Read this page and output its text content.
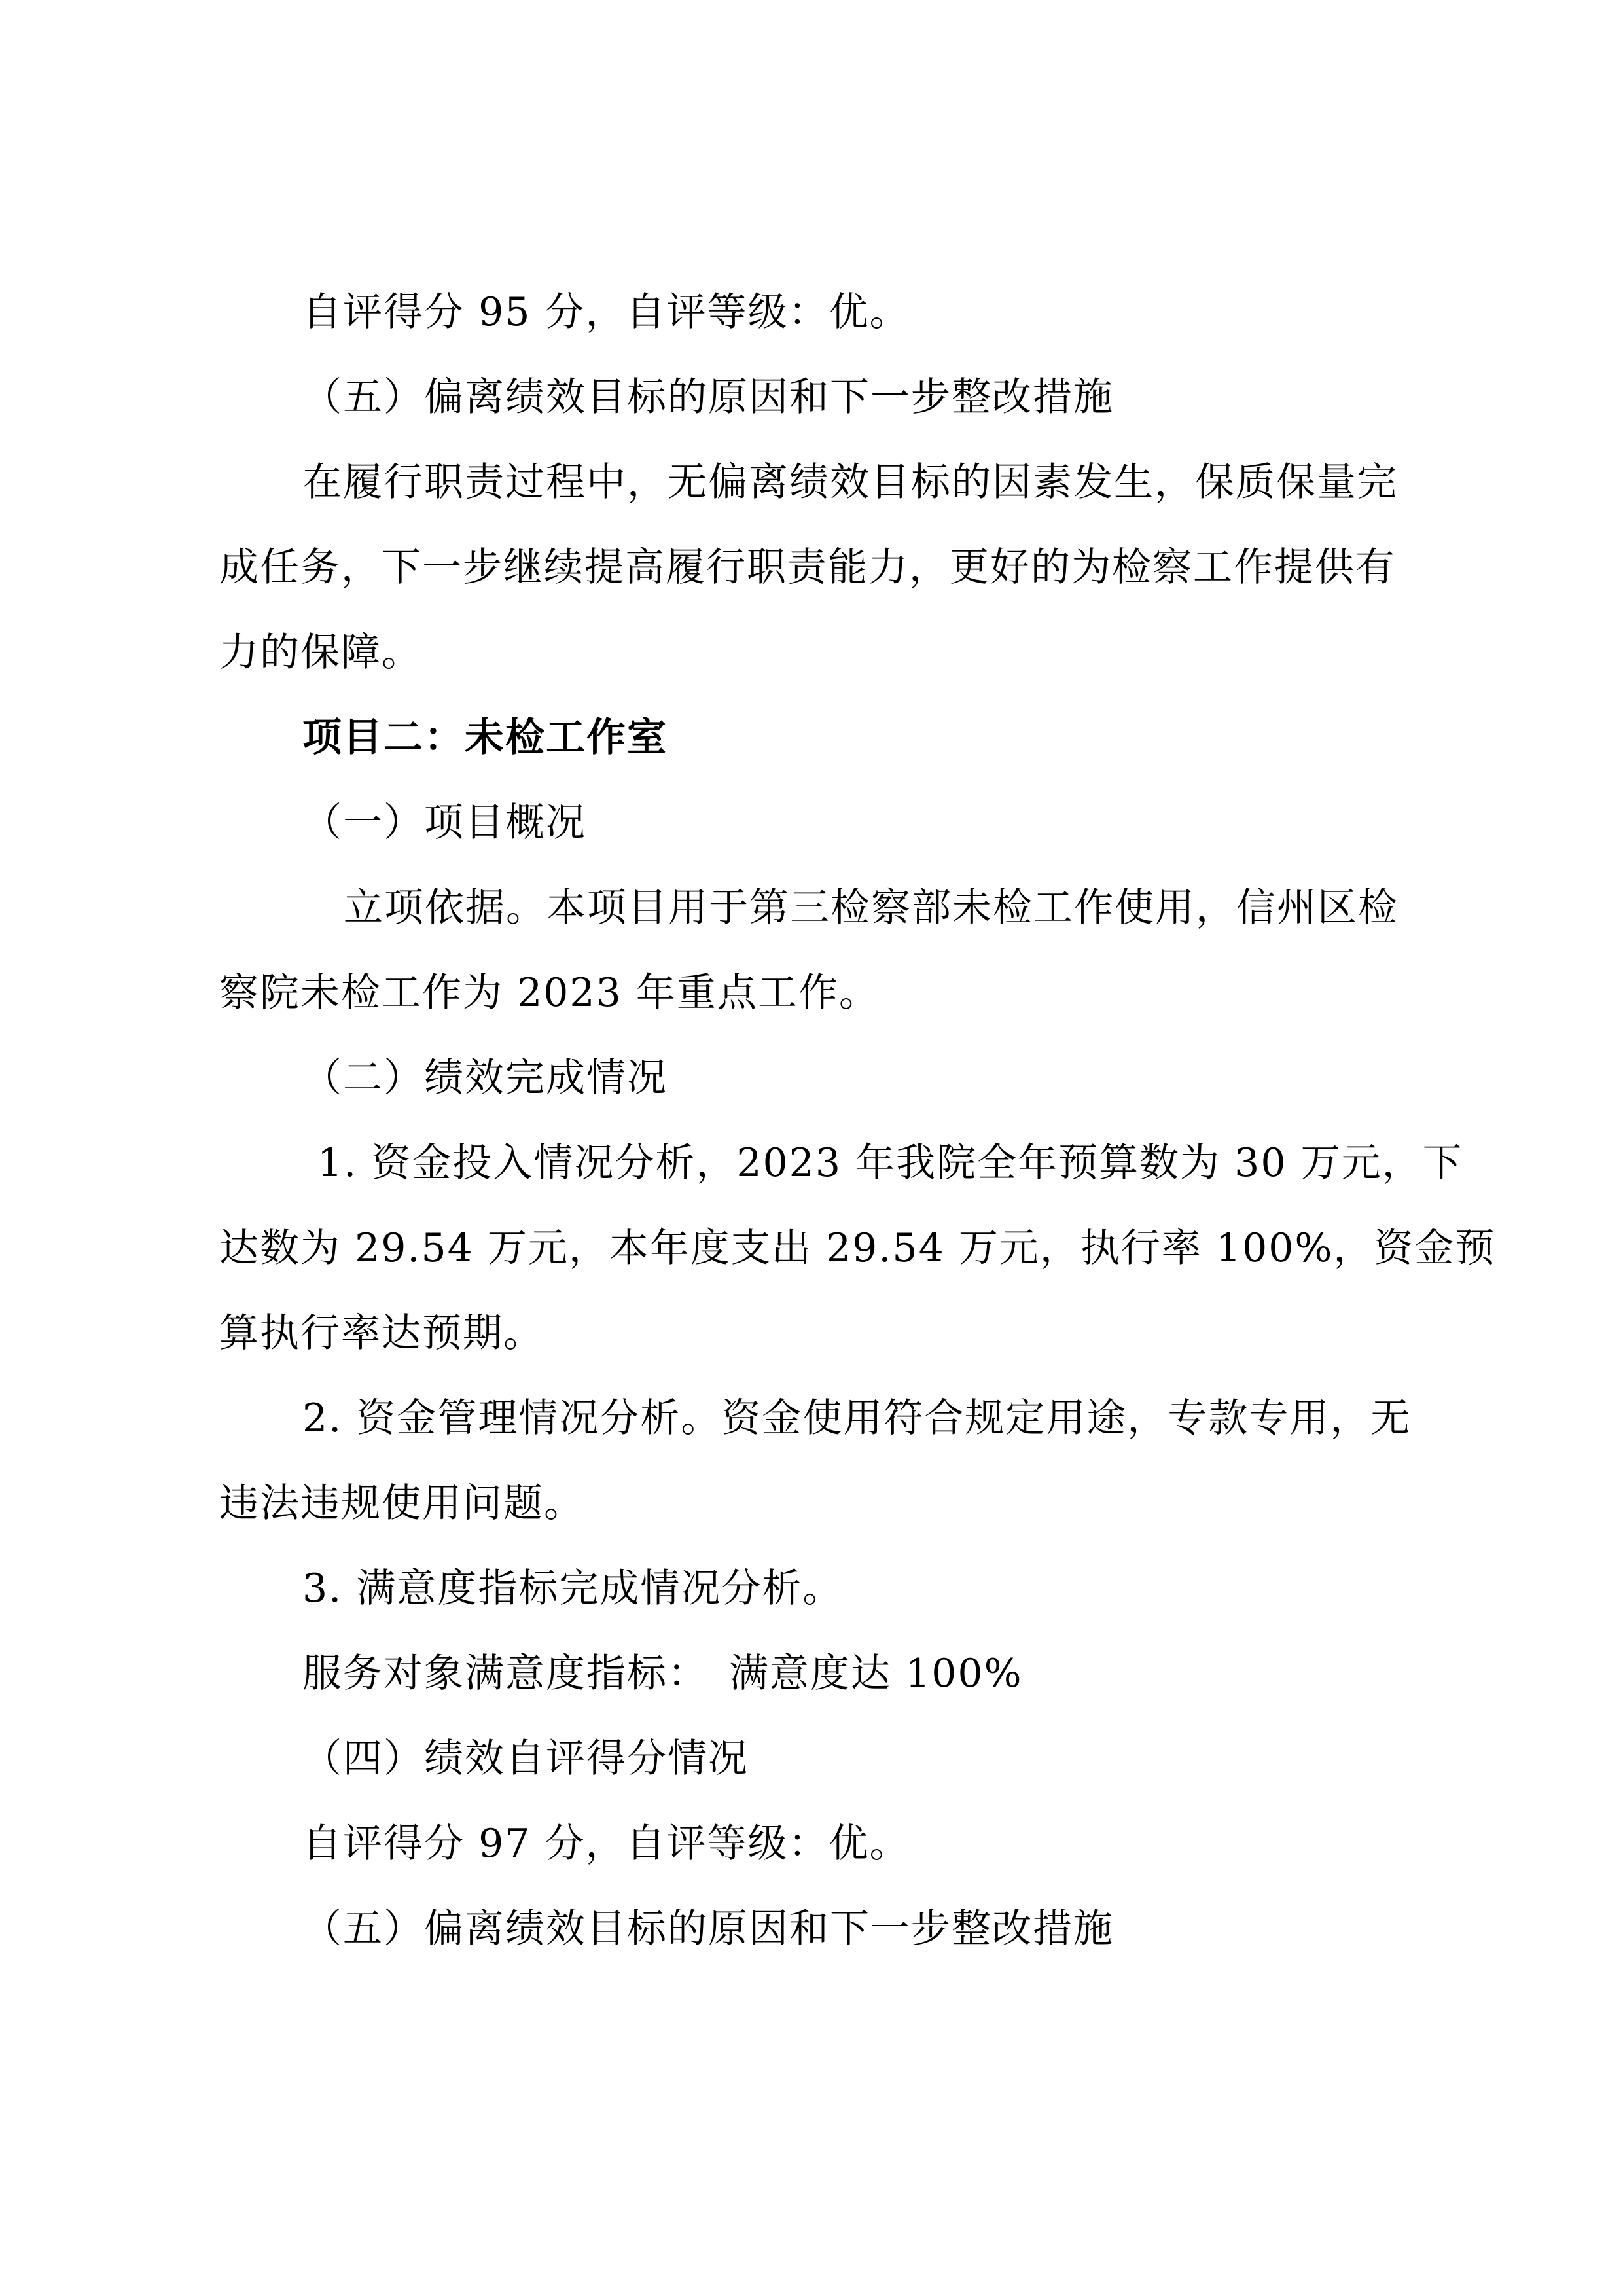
自评得分 95 分，自评等级：优。
（五）偏离绩效目标的原因和下一步整改措施
在履行职责过程中，无偏离绩效目标的因素发生，保质保量完
成任务，下一步继续提高履行职责能力，更好的为检察工作提供有
力的保障。
项目二：未检工作室
（一）项目概况
立项依据。本项目用于第三检察部未检工作使用，信州区检
察院未检工作为 2023 年重点工作。
（二）绩效完成情况
1. 资金投入情况分析，2023 年我院全年预算数为 30 万元，下
达数为 29.54 万元，本年度支出 29.54 万元，执行率 100%，资金预
算执行率达预期。
2. 资金管理情况分析。资金使用符合规定用途，专款专用，无
违法违规使用问题。
3. 满意度指标完成情况分析。
服务对象满意度指标：　满意度达 100%
（四）绩效自评得分情况
自评得分 97 分，自评等级：优。
（五）偏离绩效目标的原因和下一步整改措施
